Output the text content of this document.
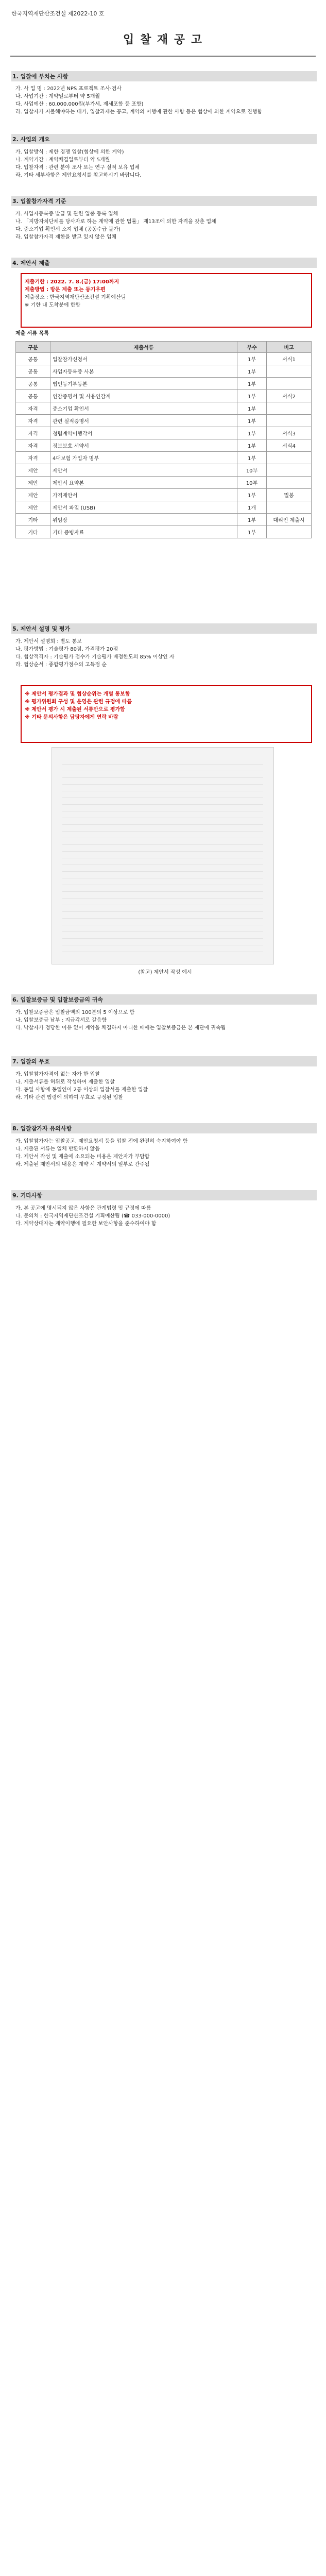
한국지역재단산조건설 제2022-10 호
입 찰 재 공 고
1. 입찰에 부치는 사항
가. 사 업 명 : 2022년 NPS 프로젝트 조사·검사
나. 사업기간 : 계약일로부터 약 5개월
다. 사업예산 : 60,000,000원(부가세, 제세포함 등 포함)
라. 입찰자가 지불해야하는 대가, 입찰과제는 공고, 계약의 이행에 관한 사항 등은 협상에 의한 계약으로 진행함
2. 사업의 개요
가. 입찰방식 : 제한 경쟁 입찰(협상에 의한 계약)
나. 계약기간 : 계약체결일로부터 약 5개월
다. 입찰자격 : 관련 분야 조사 또는 연구 실적 보유 업체
라. 기타 세부사항은 제안요청서를 참고하시기 바랍니다.
3. 입찰참가자격 기준
가. 사업자등록증 발급 및 관련 업종 등록 업체
나. 「지방자치단체를 당사자로 하는 계약에 관한 법률」 제13조에 의한 자격을 갖춘 업체
다. 중소기업 확인서 소지 업체 (공동수급 불가)
라. 입찰참가자격 제한을 받고 있지 않은 업체
4. 제안서 제출
제출기한 : 2022. 7. 8.(금) 17:00까지
제출방법 : 방문 제출 또는 등기우편
제출장소 : 한국지역재단산조건설 기획예산팀
※ 기한 내 도착분에 한함
제출 서류 목록
구분	제출서류	부수	비고
공통	입찰참가신청서	1부	서식1
공통	사업자등록증 사본	1부	
공통	법인등기부등본	1부	
공통	인감증명서 및 사용인감계	1부	서식2
자격	중소기업 확인서	1부	
자격	관련 실적증명서	1부	
자격	청렴계약이행각서	1부	서식3
자격	정보보호 서약서	1부	서식4
자격	4대보험 가입자 명부	1부	
제안	제안서	10부	
제안	제안서 요약본	10부	
제안	가격제안서	1부	밀봉
제안	제안서 파일 (USB)	1개	
기타	위임장	1부	대리인 제출시
기타	기타 증빙자료	1부	
5. 제안서 설명 및 평가
가. 제안서 설명회 : 별도 통보
나. 평가방법 : 기술평가 80점, 가격평가 20점
다. 협상적격자 : 기술평가 점수가 기술평가 배점한도의 85% 이상인 자
라. 협상순서 : 종합평가점수의 고득점 순
※ 제안서 평가결과 및 협상순위는 개별 통보함
※ 평가위원회 구성 및 운영은 관련 규정에 따름
※ 제안서 평가 시 제출된 서류만으로 평가함
※ 기타 문의사항은 담당자에게 연락 바람
(참고) 제안서 작성 예시
6. 입찰보증금 및 입찰보증금의 귀속
가. 입찰보증금은 입찰금액의 100분의 5 이상으로 함
나. 입찰보증금 납부 : 지급각서로 갈음함
다. 낙찰자가 정당한 이유 없이 계약을 체결하지 아니한 때에는 입찰보증금은 본 재단에 귀속됨
7. 입찰의 무효
가. 입찰참가자격이 없는 자가 한 입찰
나. 제출서류를 허위로 작성하여 제출한 입찰
다. 동일 사항에 동일인이 2통 이상의 입찰서를 제출한 입찰
라. 기타 관련 법령에 의하여 무효로 규정된 입찰
8. 입찰참가자 유의사항
가. 입찰참가자는 입찰공고, 제안요청서 등을 입찰 전에 완전히 숙지하여야 함
나. 제출된 서류는 일체 반환하지 않음
다. 제안서 작성 및 제출에 소요되는 비용은 제안자가 부담함
라. 제출된 제안서의 내용은 계약 시 계약서의 일부로 간주됨
9. 기타사항
가. 본 공고에 명시되지 않은 사항은 관계법령 및 규정에 따름
나. 문의처 : 한국지역재단산조건설 기획예산팀 (☎ 033-000-0000)
다. 계약상대자는 계약이행에 필요한 보안사항을 준수하여야 함
